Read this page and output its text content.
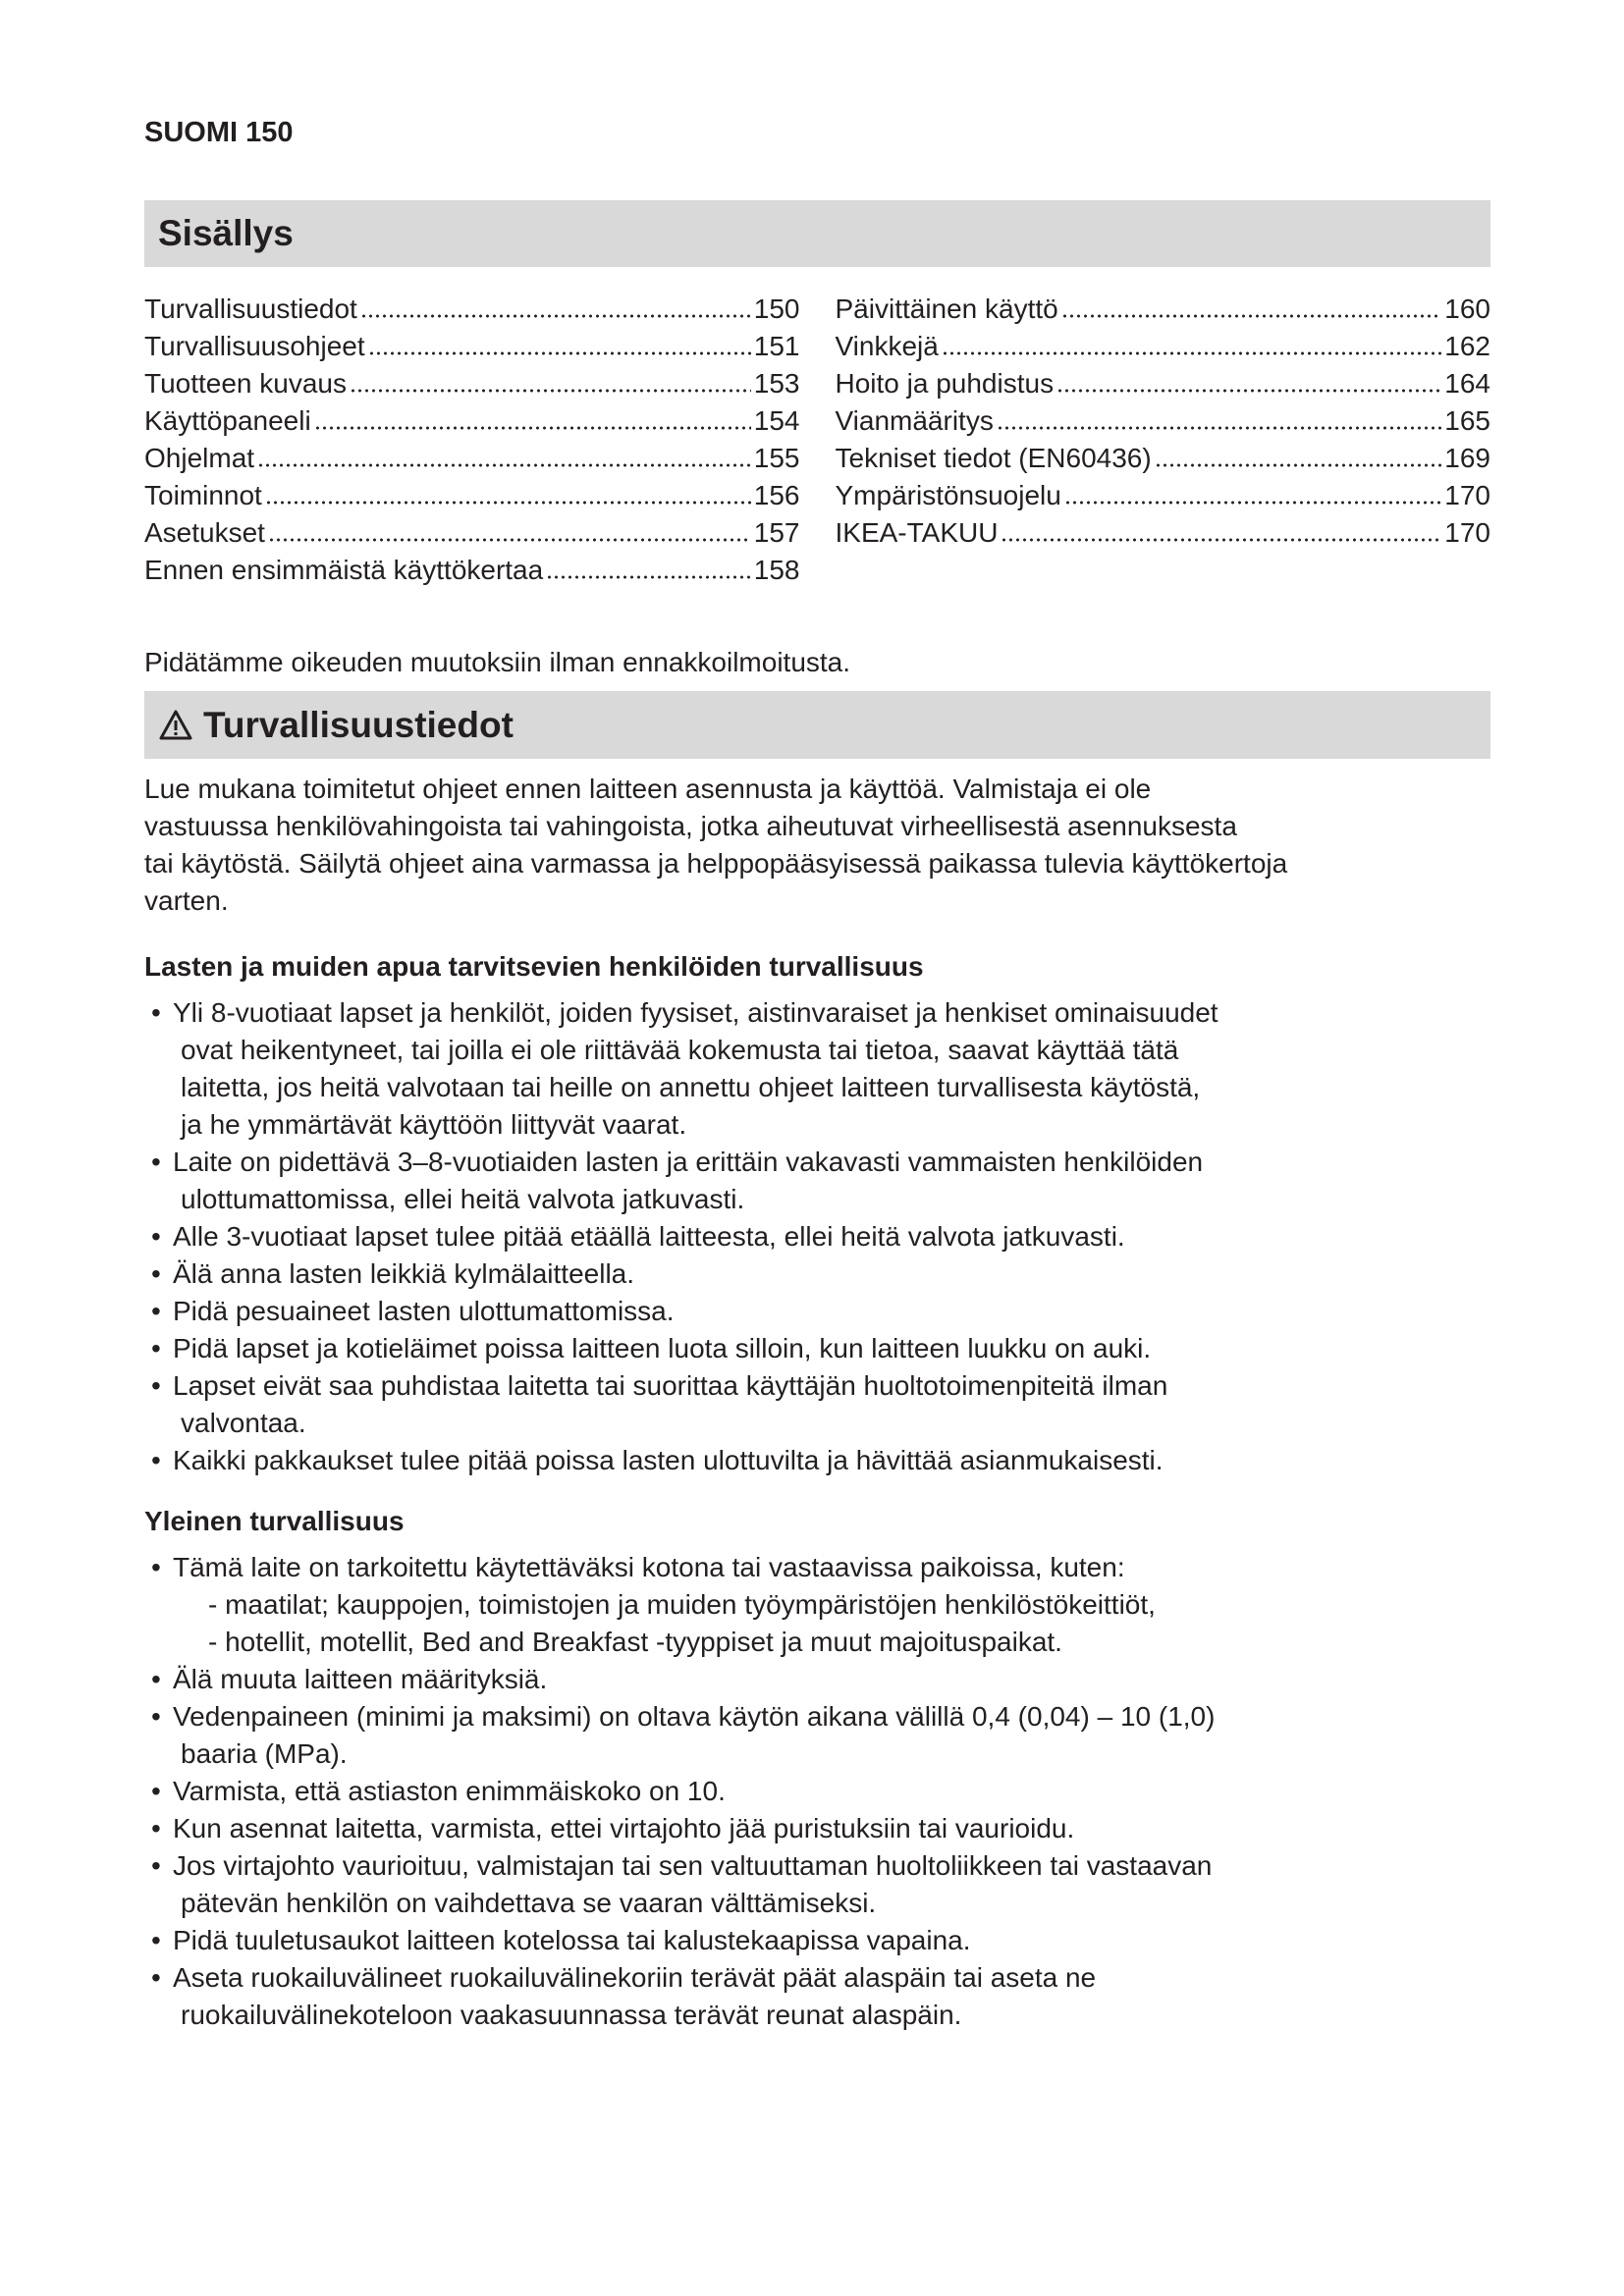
SUOMI 150
Sisällys
Turvallisuustiedot	150
Turvallisuusohjeet	151
Tuotteen kuvaus	153
Käyttöpaneeli	154
Ohjelmat	155
Toiminnot	156
Asetukset	157
Ennen ensimmäistä käyttökertaa	158
Päivittäinen käyttö	160
Vinkkejä	162
Hoito ja puhdistus	164
Vianmääritys	165
Tekniset tiedot (EN60436)	169
Ympäristönsuojelu	170
IKEA-TAKUU	170
Pidätämme oikeuden muutoksiin ilman ennakkoilmoitusta.
Turvallisuustiedot
Lue mukana toimitetut ohjeet ennen laitteen asennusta ja käyttöä. Valmistaja ei ole
vastuussa henkilövahingoista tai vahingoista, jotka aiheutuvat virheellisestä asennuksesta
tai käytöstä. Säilytä ohjeet aina varmassa ja helppopääsyisessä paikassa tulevia käyttökertoja
varten.
Lasten ja muiden apua tarvitsevien henkilöiden turvallisuus
• Yli 8-vuotiaat lapset ja henkilöt, joiden fyysiset, aistinvaraiset ja henkiset ominaisuudet
ovat heikentyneet, tai joilla ei ole riittävää kokemusta tai tietoa, saavat käyttää tätä
laitetta, jos heitä valvotaan tai heille on annettu ohjeet laitteen turvallisesta käytöstä,
ja he ymmärtävät käyttöön liittyvät vaarat.
• Laite on pidettävä 3–8-vuotiaiden lasten ja erittäin vakavasti vammaisten henkilöiden
ulottumattomissa, ellei heitä valvota jatkuvasti.
• Alle 3-vuotiaat lapset tulee pitää etäällä laitteesta, ellei heitä valvota jatkuvasti.
• Älä anna lasten leikkiä kylmälaitteella.
• Pidä pesuaineet lasten ulottumattomissa.
• Pidä lapset ja kotieläimet poissa laitteen luota silloin, kun laitteen luukku on auki.
• Lapset eivät saa puhdistaa laitetta tai suorittaa käyttäjän huoltotoimenpiteitä ilman
valvontaa.
• Kaikki pakkaukset tulee pitää poissa lasten ulottuvilta ja hävittää asianmukaisesti.
Yleinen turvallisuus
• Tämä laite on tarkoitettu käytettäväksi kotona tai vastaavissa paikoissa, kuten:
- maatilat; kauppojen, toimistojen ja muiden työympäristöjen henkilöstökeittiöt,
- hotellit, motellit, Bed and Breakfast -tyyppiset ja muut majoituspaikat.
• Älä muuta laitteen määrityksiä.
• Vedenpaineen (minimi ja maksimi) on oltava käytön aikana välillä 0,4 (0,04) – 10 (1,0)
baaria (MPa).
• Varmista, että astiaston enimmäiskoko on 10.
• Kun asennat laitetta, varmista, ettei virtajohto jää puristuksiin tai vaurioidu.
• Jos virtajohto vaurioituu, valmistajan tai sen valtuuttaman huoltoliikkeen tai vastaavan
pätevän henkilön on vaihdettava se vaaran välttämiseksi.
• Pidä tuuletusaukot laitteen kotelossa tai kalustekaapissa vapaina.
• Aseta ruokailuvälineet ruokailuvälinekoriin terävät päät alaspäin tai aseta ne
ruokailuvälinekoteloon vaakasuunnassa terävät reunat alaspäin.
